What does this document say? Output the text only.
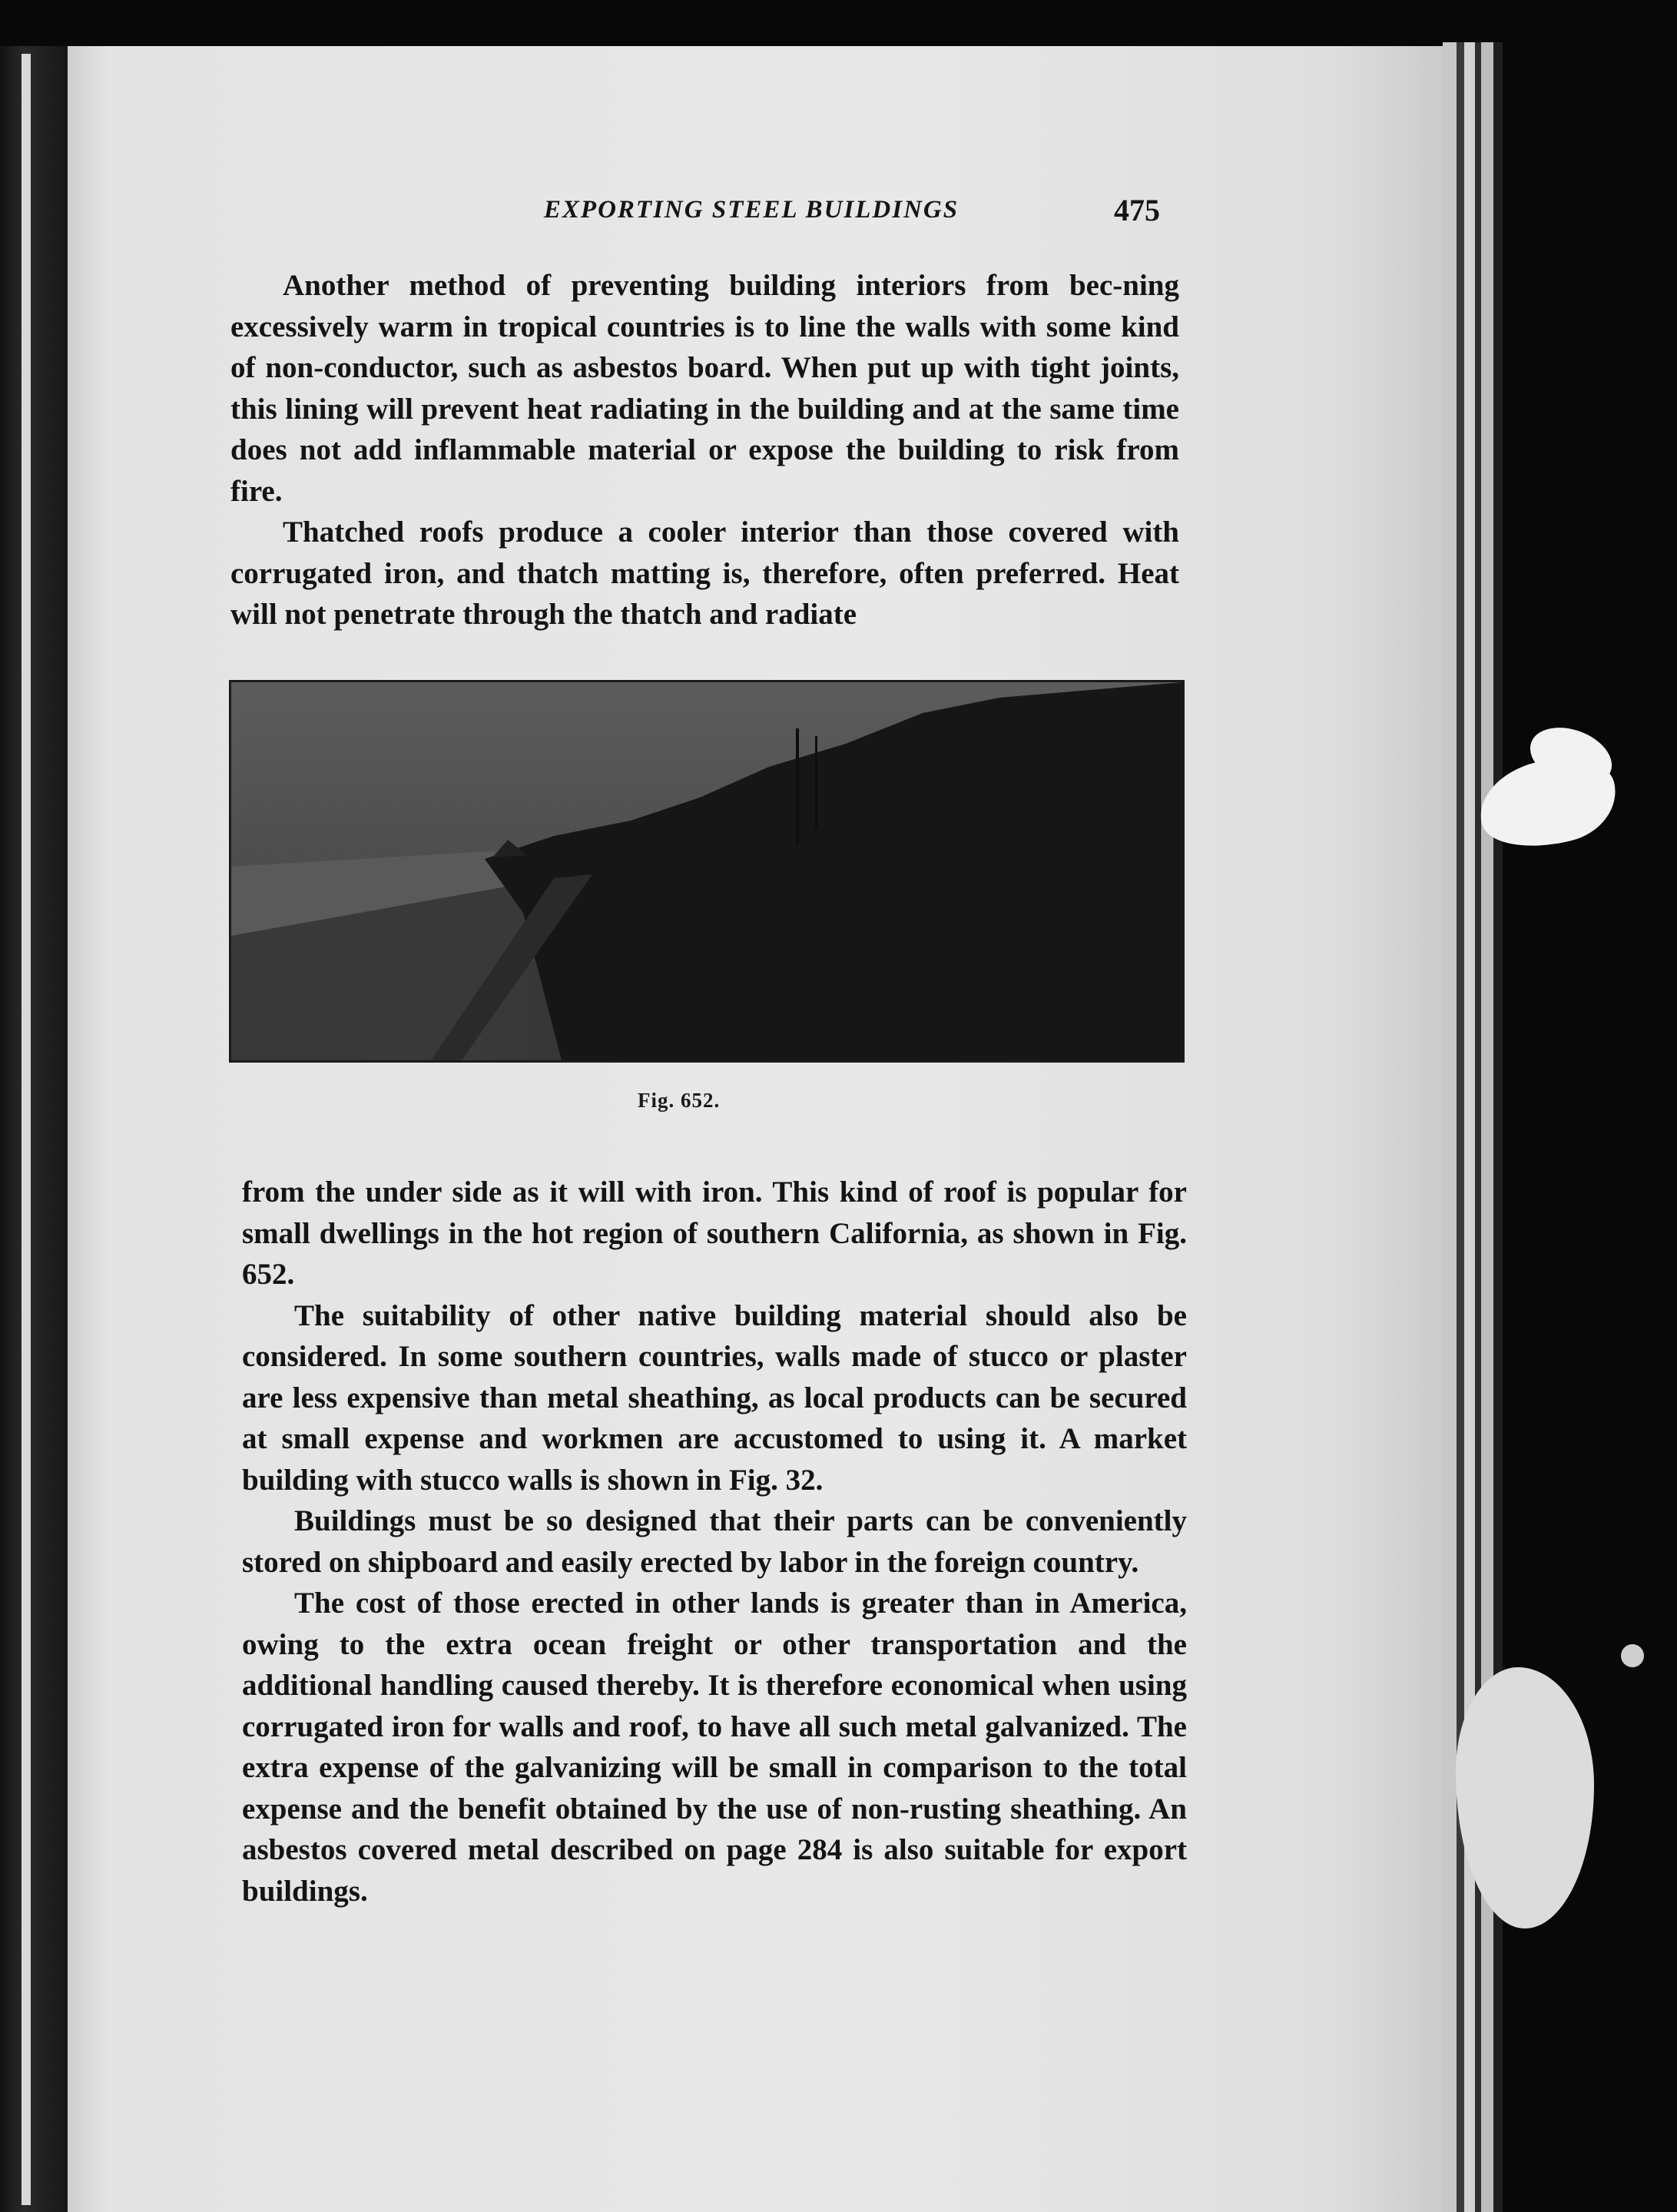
EXPORTING STEEL BUILDINGS	475

Another method of preventing building interiors from bec-ning excessively warm in tropical countries is to line the walls with some kind of non-conductor, such as asbestos board. When put up with tight joints, this lining will prevent heat radiating in the building and at the same time does not add inflammable material or expose the building to risk from fire.

Thatched roofs produce a cooler interior than those covered with corrugated iron, and thatch matting is, therefore, often preferred. Heat will not penetrate through the thatch and radiate

Fig. 652.

from the under side as it will with iron. This kind of roof is popular for small dwellings in the hot region of southern California, as shown in Fig. 652.

The suitability of other native building material should also be considered. In some southern countries, walls made of stucco or plaster are less expensive than metal sheathing, as local products can be secured at small expense and workmen are accustomed to using it. A market building with stucco walls is shown in Fig. 32.

Buildings must be so designed that their parts can be conveniently stored on shipboard and easily erected by labor in the foreign country.

The cost of those erected in other lands is greater than in America, owing to the extra ocean freight or other transportation and the additional handling caused thereby. It is therefore economical when using corrugated iron for walls and roof, to have all such metal galvanized. The extra expense of the galvanizing will be small in comparison to the total expense and the benefit obtained by the use of non-rusting sheathing. An asbestos covered metal described on page 284 is also suitable for export buildings.
